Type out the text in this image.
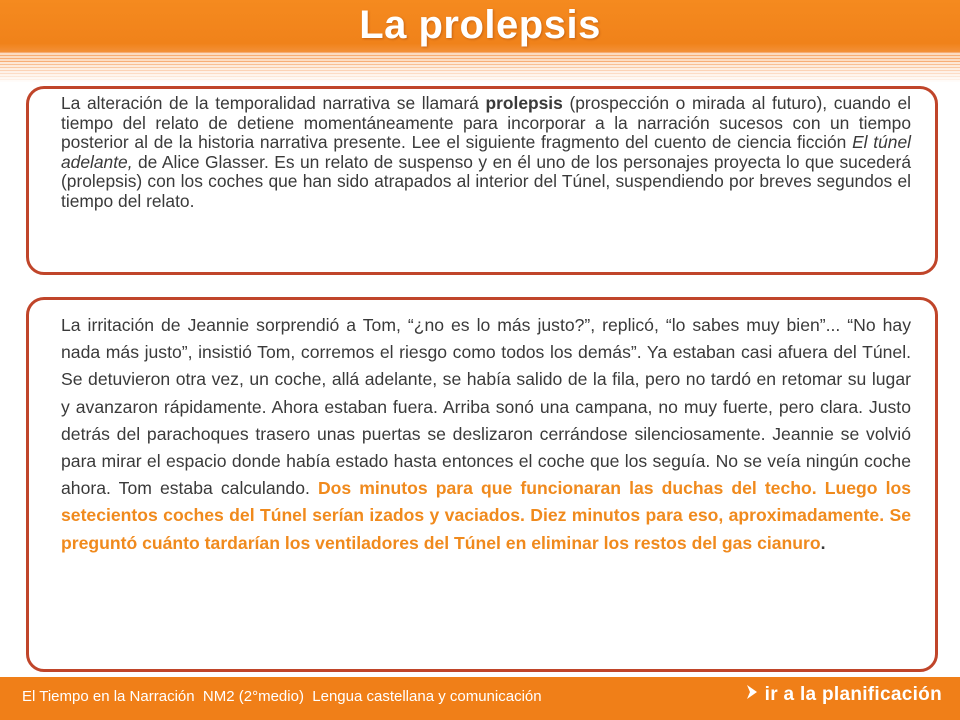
La prolepsis

La alteración de la temporalidad narrativa se llamará prolepsis (prospección o mirada al futuro), cuando el tiempo del relato de detiene momentáneamente para incorporar a la narración sucesos con un tiempo posterior al de la historia narrativa presente. Lee el siguiente fragmento del cuento de ciencia ficción El túnel adelante, de Alice Glasser. Es un relato de suspenso y en él uno de los personajes proyecta lo que sucederá (prolepsis) con los coches que han sido atrapados al interior del Túnel, suspendiendo por breves segundos el tiempo del relato.

La irritación de Jeannie sorprendió a Tom, “¿no es lo más justo?”, replicó, “lo sabes muy bien”... “No hay nada más justo”, insistió Tom, corremos el riesgo como todos los demás”. Ya estaban casi afuera del Túnel. Se detuvieron otra vez, un coche, allá adelante, se había salido de la fila, pero no tardó en retomar su lugar y avanzaron rápidamente. Ahora estaban fuera. Arriba sonó una campana, no muy fuerte, pero clara. Justo detrás del parachoques trasero unas puertas se deslizaron cerrándose silenciosamente. Jeannie se volvió para mirar el espacio donde había estado hasta entonces el coche que los seguía. No se veía ningún coche ahora. Tom estaba calculando. Dos minutos para que funcionaran las duchas del techo. Luego los setecientos coches del Túnel serían izados y vaciados. Diez minutos para eso, aproximadamente. Se preguntó cuánto tardarían los ventiladores del Túnel en eliminar los restos del gas cianuro.

El Tiempo en la Narración  NM2 (2°medio)  Lengua castellana y comunicación	ir a la planificación
